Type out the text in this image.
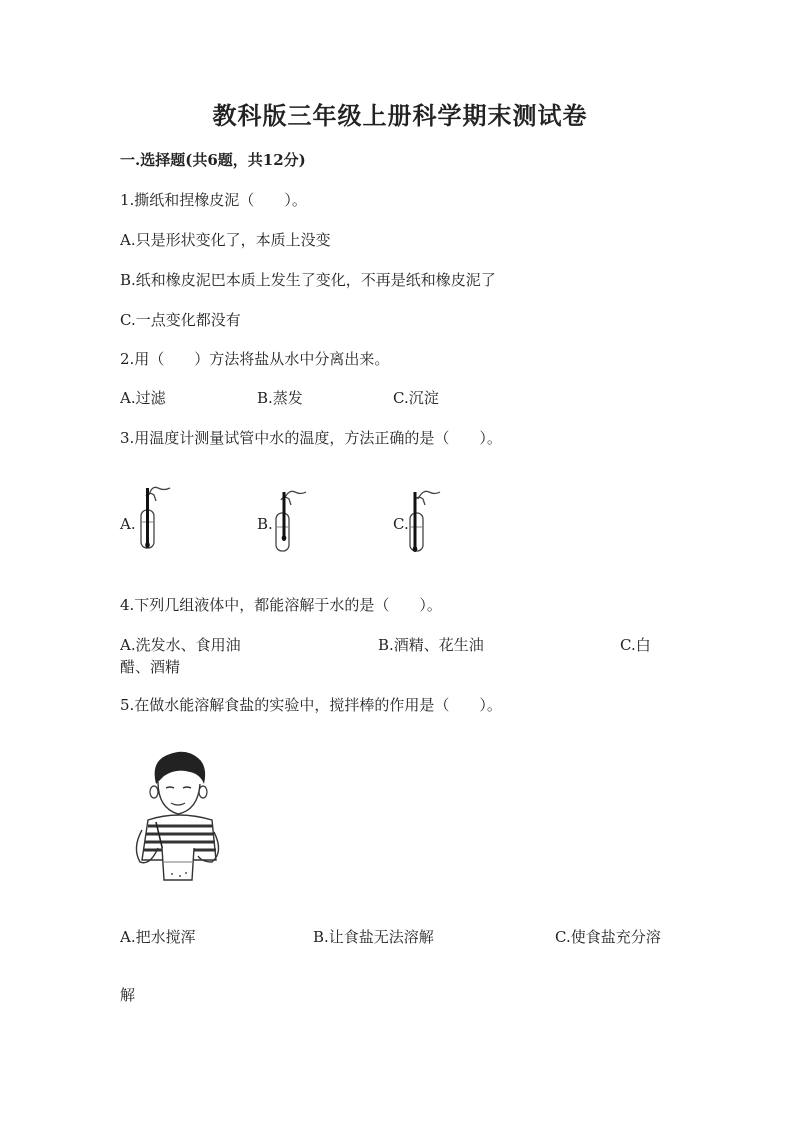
教科版三年级上册科学期末测试卷
一.选择题(共6题，共12分)
1.撕纸和捏橡皮泥（　　）。
A.只是形状变化了，本质上没变
B.纸和橡皮泥巴本质上发生了变化，不再是纸和橡皮泥了
C.一点变化都没有
2.用（　　）方法将盐从水中分离出来。
A.过滤	B.蒸发	C.沉淀
3.用温度计测量试管中水的温度，方法正确的是（　　）。
A.	B.	C.
4.下列几组液体中，都能溶解于水的是（　　）。
A.洗发水、食用油	B.酒精、花生油	C.白
醋、酒精
5.在做水能溶解食盐的实验中，搅拌棒的作用是（　　）。
A.把水搅浑	B.让食盐无法溶解	C.使食盐充分溶
解
